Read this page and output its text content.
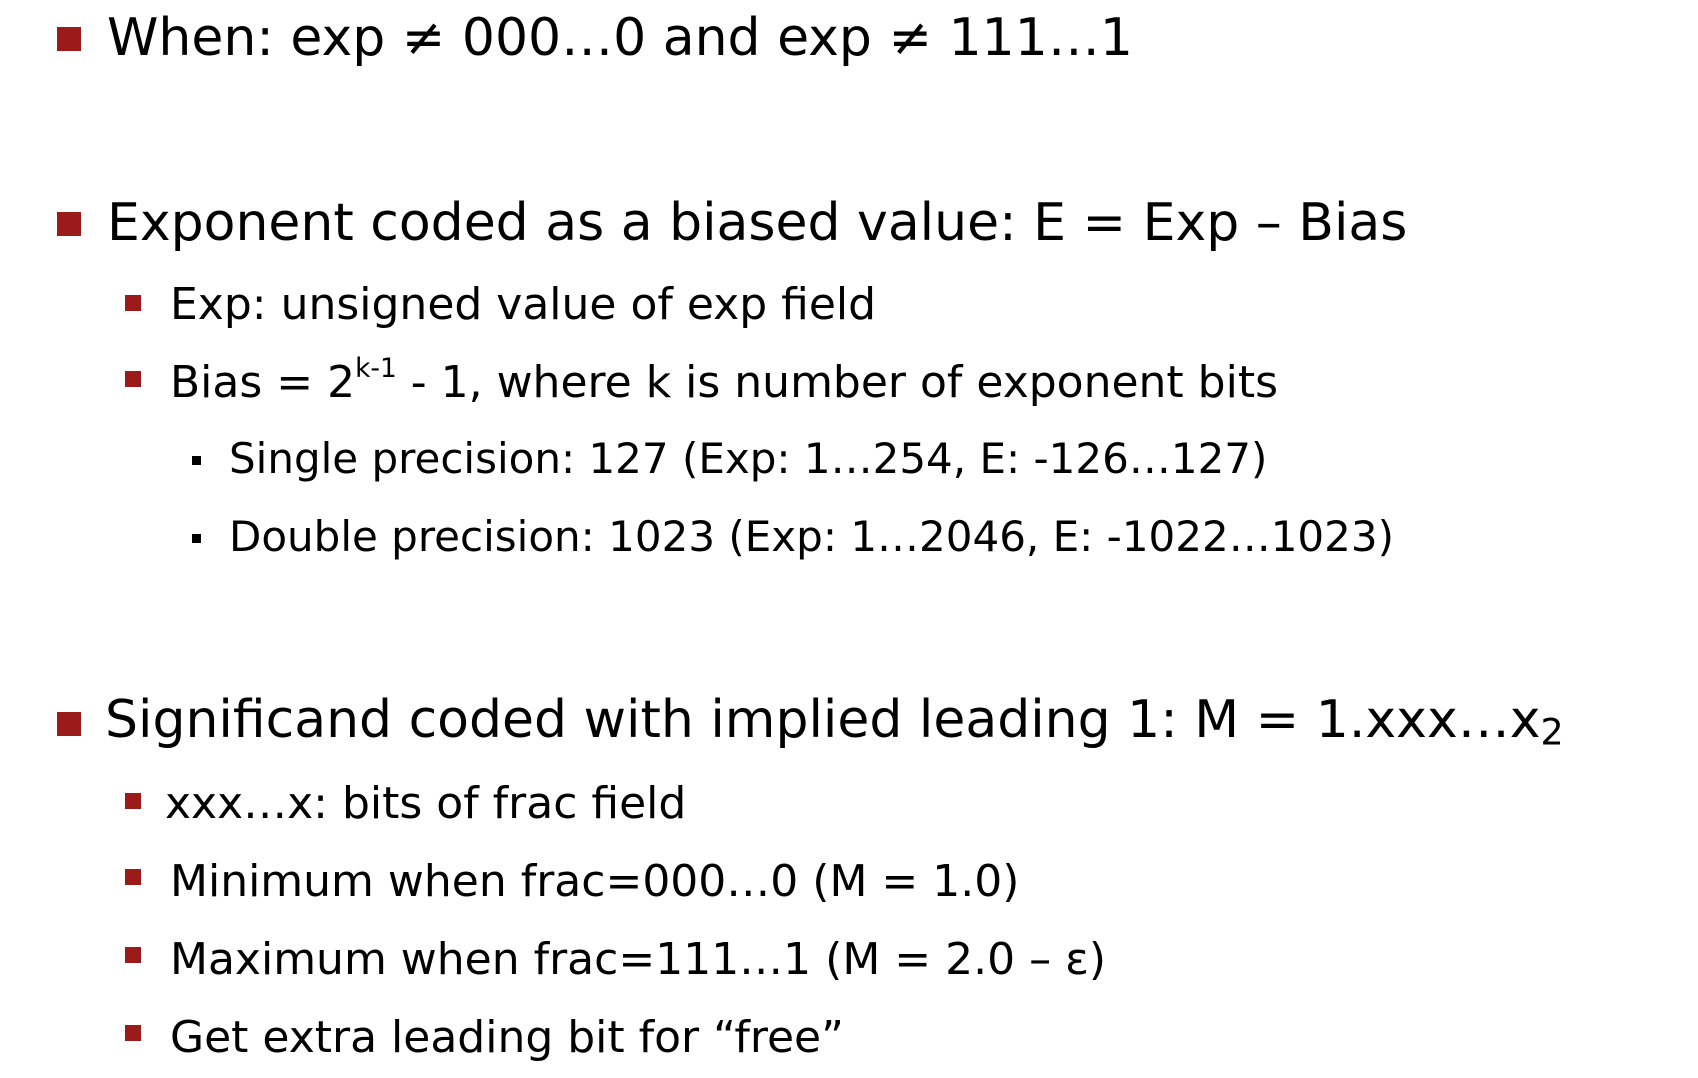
When: exp ≠ 000…0 and exp ≠ 111…1
Exponent coded as a biased value: E = Exp – Bias
Exp: unsigned value of exp field
Bias = $2^{k-1} - 1$, where k is number of exponent bits
Single precision: 127 (Exp: 1…254, E: -126…127)
Double precision: 1023 (Exp: 1…2046, E: -1022…1023)
Significand coded with implied leading 1: $M = 1.xxx\dots x_2$
xxx…x: bits of frac field
Minimum when frac=000…0 (M = 1.0)
Maximum when frac=111…1 (M = 2.0 – ε)
Get extra leading bit for “free”
